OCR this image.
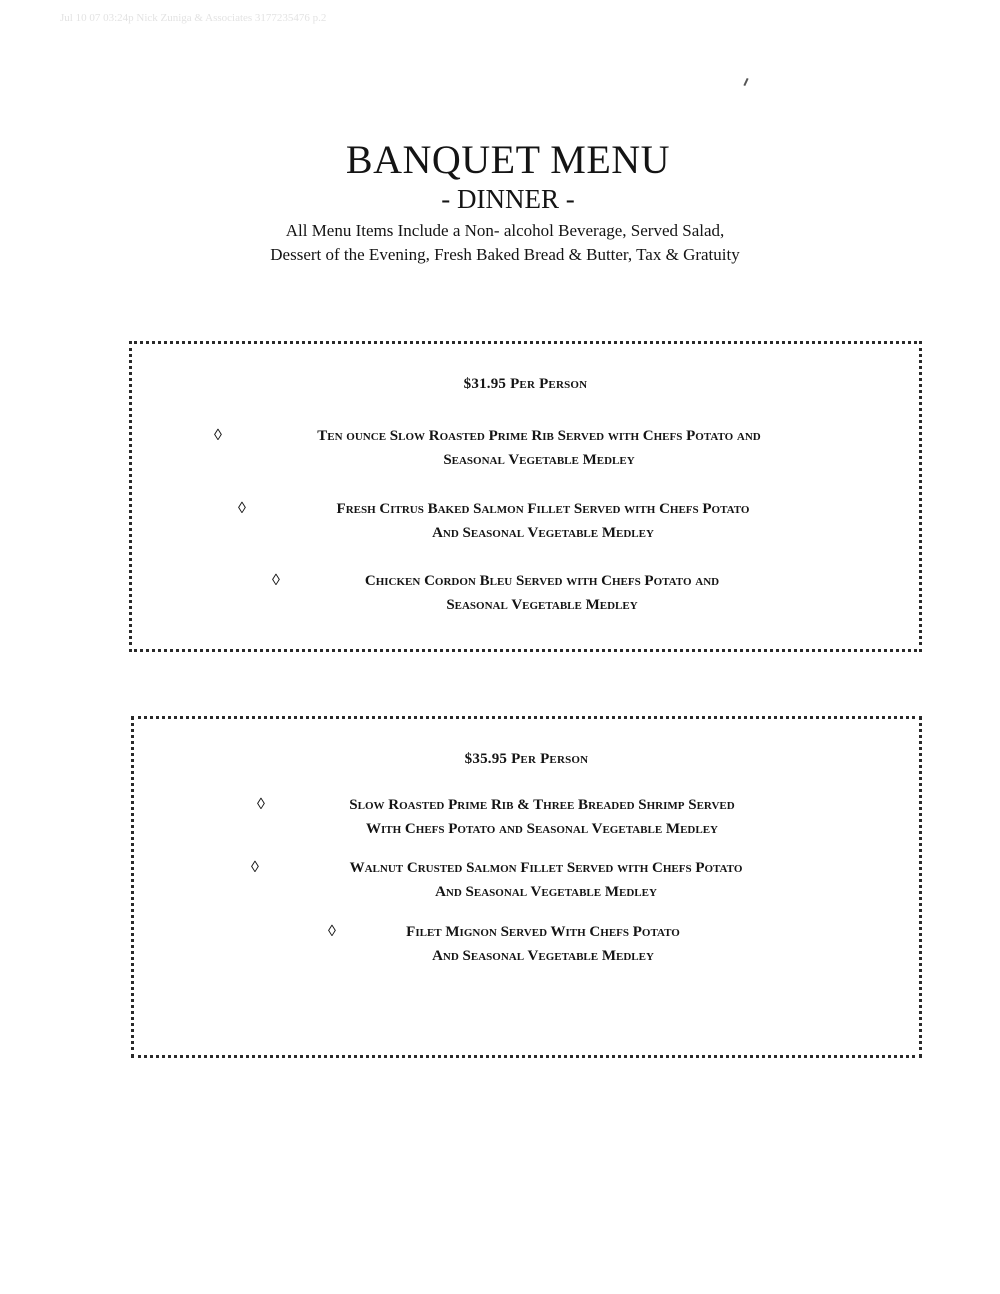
Jul 10 07 03:24p Nick Zuniga & Associates 3177235476 p.2
BANQUET MENU
- DINNER -
All Menu Items Include a Non- alcohol Beverage, Served Salad,
Dessert of the Evening, Fresh Baked Bread & Butter, Tax & Gratuity
$31.95 Per Person
◊	Ten ounce Slow Roasted Prime Rib Served with Chefs Potato and
Seasonal Vegetable Medley
◊	Fresh Citrus Baked Salmon Fillet Served with Chefs Potato
And Seasonal Vegetable Medley
◊	Chicken Cordon Bleu Served with Chefs Potato and
Seasonal Vegetable Medley
$35.95 Per Person
◊	Slow Roasted Prime Rib & Three Breaded Shrimp Served
With Chefs Potato and Seasonal Vegetable Medley
◊	Walnut Crusted Salmon Fillet Served with Chefs Potato
And Seasonal Vegetable Medley
◊	Filet Mignon Served With Chefs Potato
And Seasonal Vegetable Medley
